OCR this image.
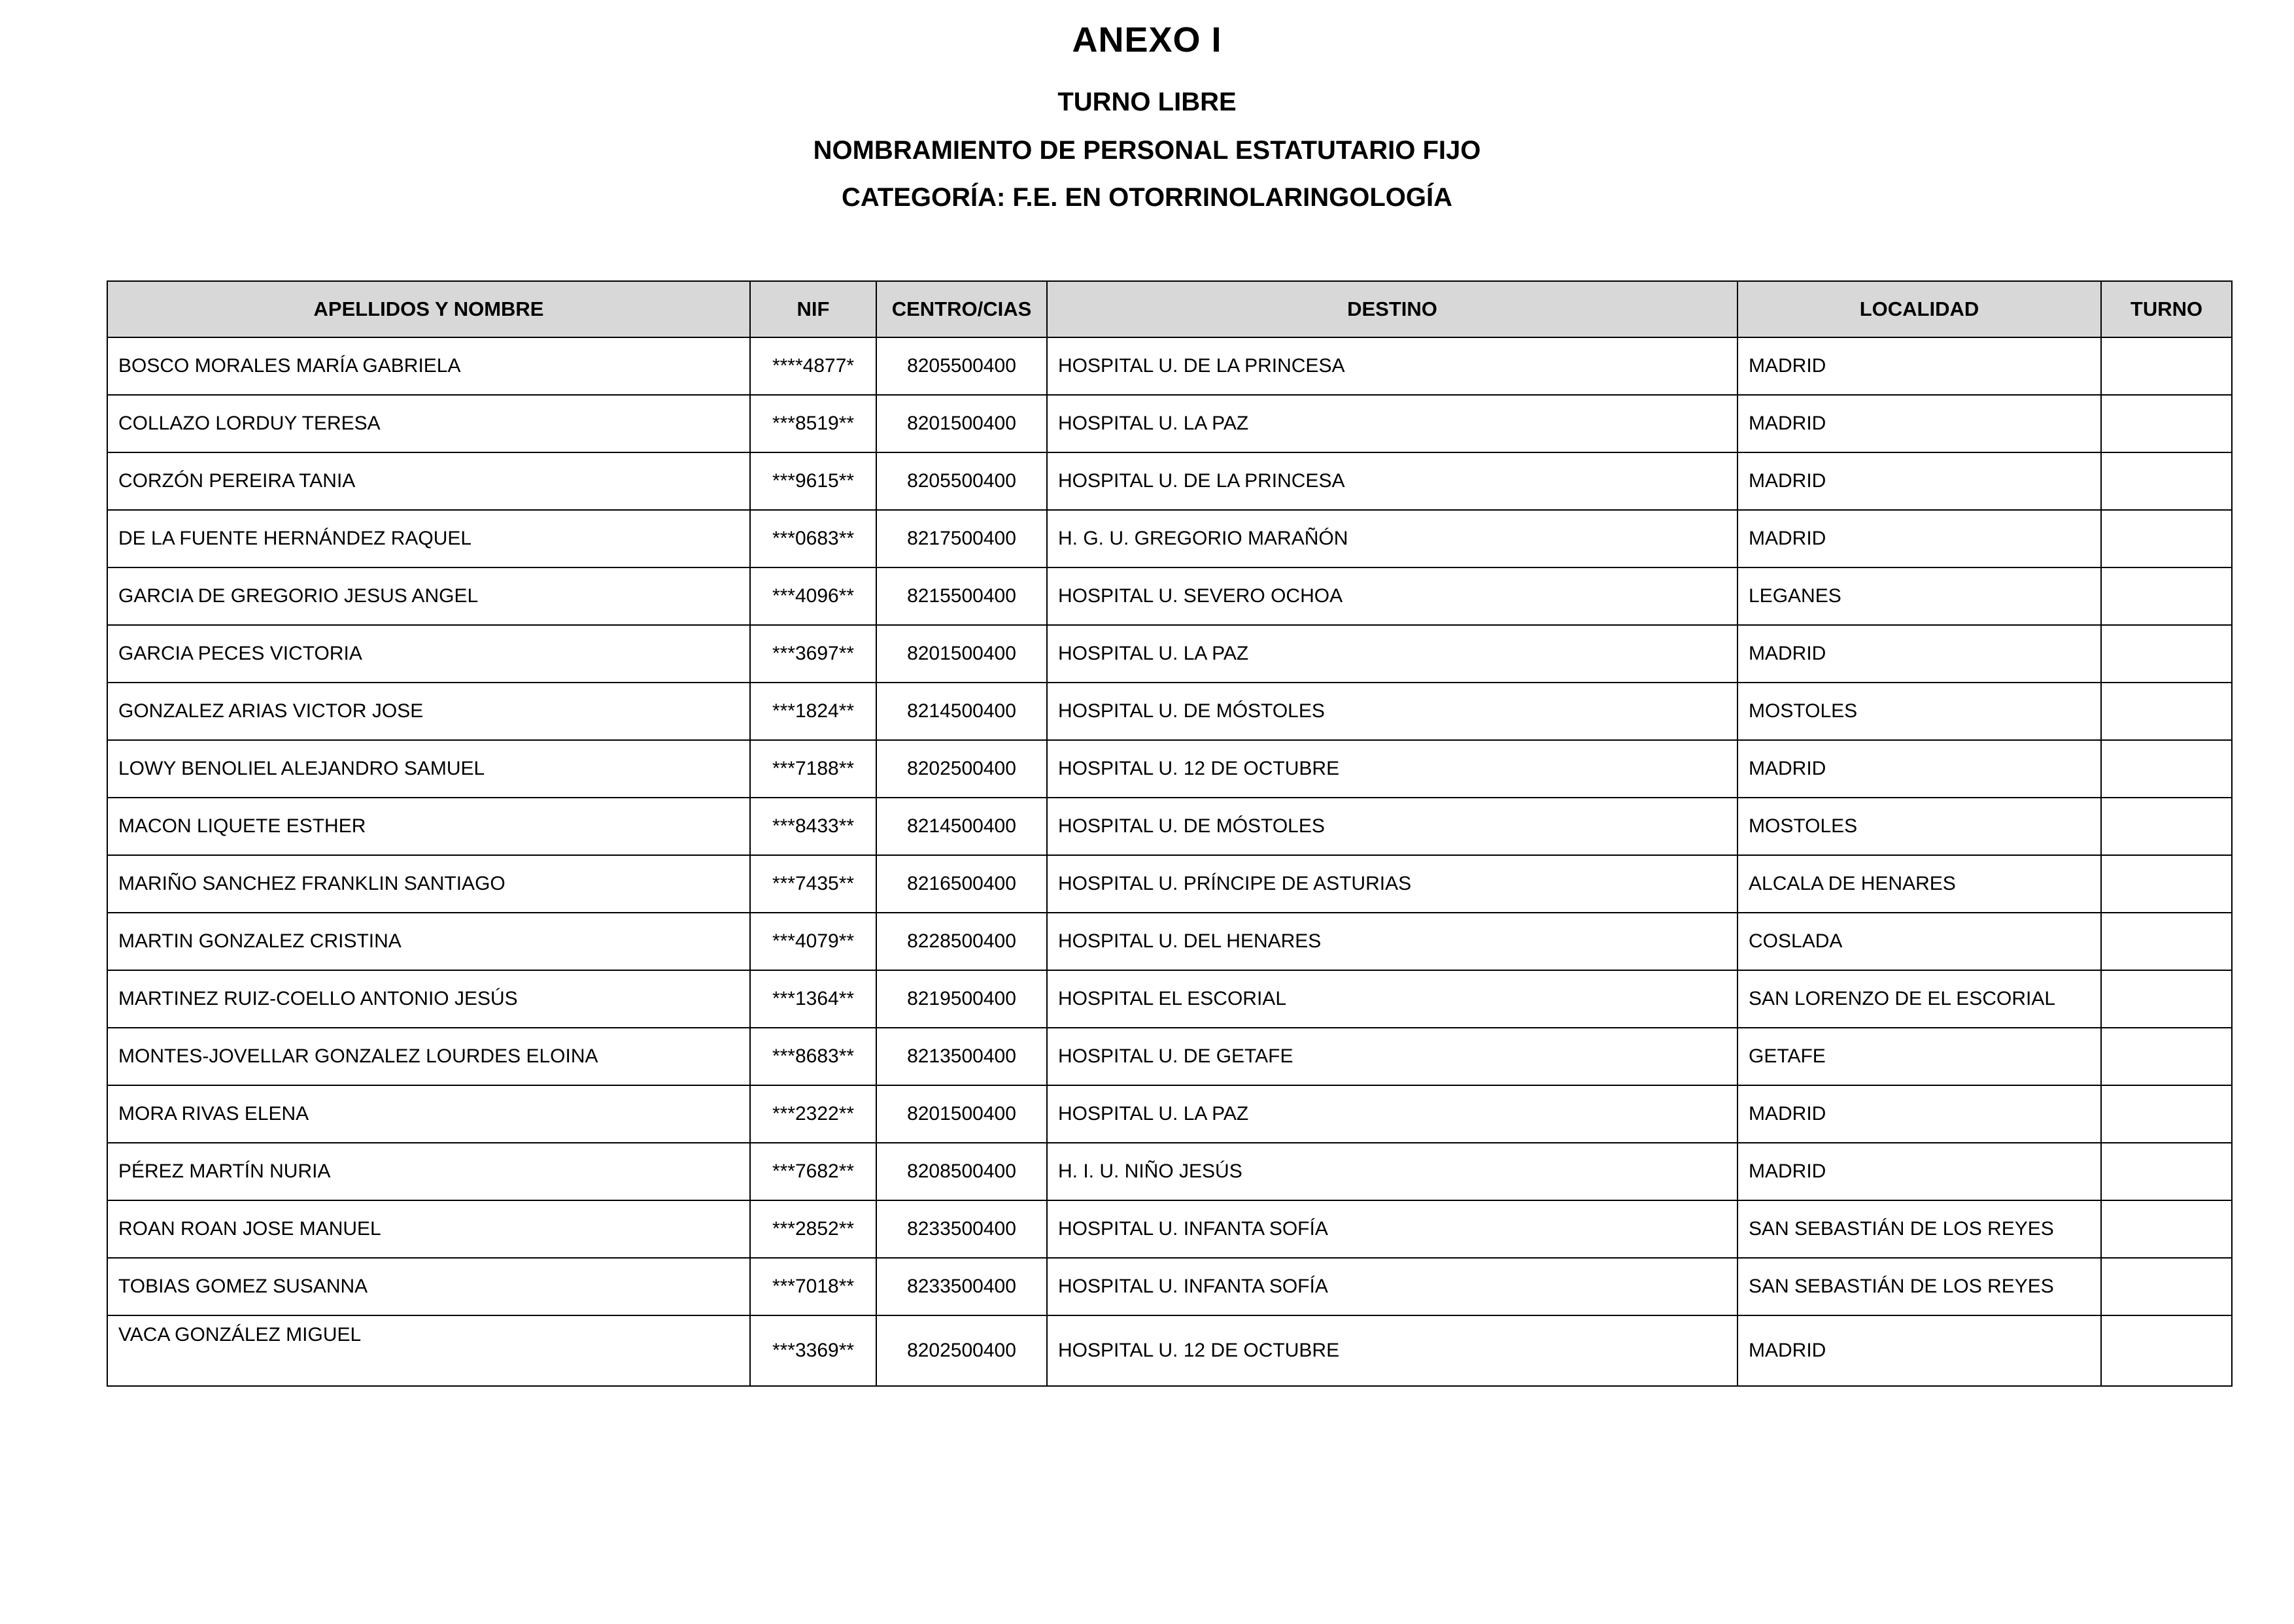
ANEXO I
TURNO LIBRE
NOMBRAMIENTO DE PERSONAL ESTATUTARIO FIJO
CATEGORÍA: F.E. EN OTORRINOLARINGOLOGÍA
APELLIDOS Y NOMBRE	NIF	CENTRO/CIAS	DESTINO	LOCALIDAD	TURNO
BOSCO MORALES MARÍA GABRIELA	****4877*	8205500400	HOSPITAL U. DE LA PRINCESA	MADRID	
COLLAZO LORDUY TERESA	***8519**	8201500400	HOSPITAL U. LA PAZ	MADRID	
CORZÓN PEREIRA TANIA	***9615**	8205500400	HOSPITAL U. DE LA PRINCESA	MADRID	
DE LA FUENTE HERNÁNDEZ RAQUEL	***0683**	8217500400	H. G. U. GREGORIO MARAÑÓN	MADRID	
GARCIA DE GREGORIO JESUS ANGEL	***4096**	8215500400	HOSPITAL U. SEVERO OCHOA	LEGANES	
GARCIA PECES VICTORIA	***3697**	8201500400	HOSPITAL U. LA PAZ	MADRID	
GONZALEZ ARIAS VICTOR JOSE	***1824**	8214500400	HOSPITAL U. DE MÓSTOLES	MOSTOLES	
LOWY BENOLIEL ALEJANDRO SAMUEL	***7188**	8202500400	HOSPITAL U. 12 DE OCTUBRE	MADRID	
MACON LIQUETE ESTHER	***8433**	8214500400	HOSPITAL U. DE MÓSTOLES	MOSTOLES	
MARIÑO SANCHEZ FRANKLIN SANTIAGO	***7435**	8216500400	HOSPITAL U. PRÍNCIPE DE ASTURIAS	ALCALA DE HENARES	
MARTIN GONZALEZ CRISTINA	***4079**	8228500400	HOSPITAL U. DEL HENARES	COSLADA	
MARTINEZ RUIZ-COELLO ANTONIO JESÚS	***1364**	8219500400	HOSPITAL EL ESCORIAL	SAN LORENZO DE EL ESCORIAL	
MONTES-JOVELLAR GONZALEZ LOURDES ELOINA	***8683**	8213500400	HOSPITAL U. DE GETAFE	GETAFE	
MORA RIVAS ELENA	***2322**	8201500400	HOSPITAL U. LA PAZ	MADRID	
PÉREZ MARTÍN NURIA	***7682**	8208500400	H. I. U. NIÑO JESÚS	MADRID	
ROAN ROAN JOSE MANUEL	***2852**	8233500400	HOSPITAL U. INFANTA SOFÍA	SAN SEBASTIÁN DE LOS REYES	
TOBIAS GOMEZ SUSANNA	***7018**	8233500400	HOSPITAL U. INFANTA SOFÍA	SAN SEBASTIÁN DE LOS REYES	
VACA GONZÁLEZ MIGUEL	***3369**	8202500400	HOSPITAL U. 12 DE OCTUBRE	MADRID	
